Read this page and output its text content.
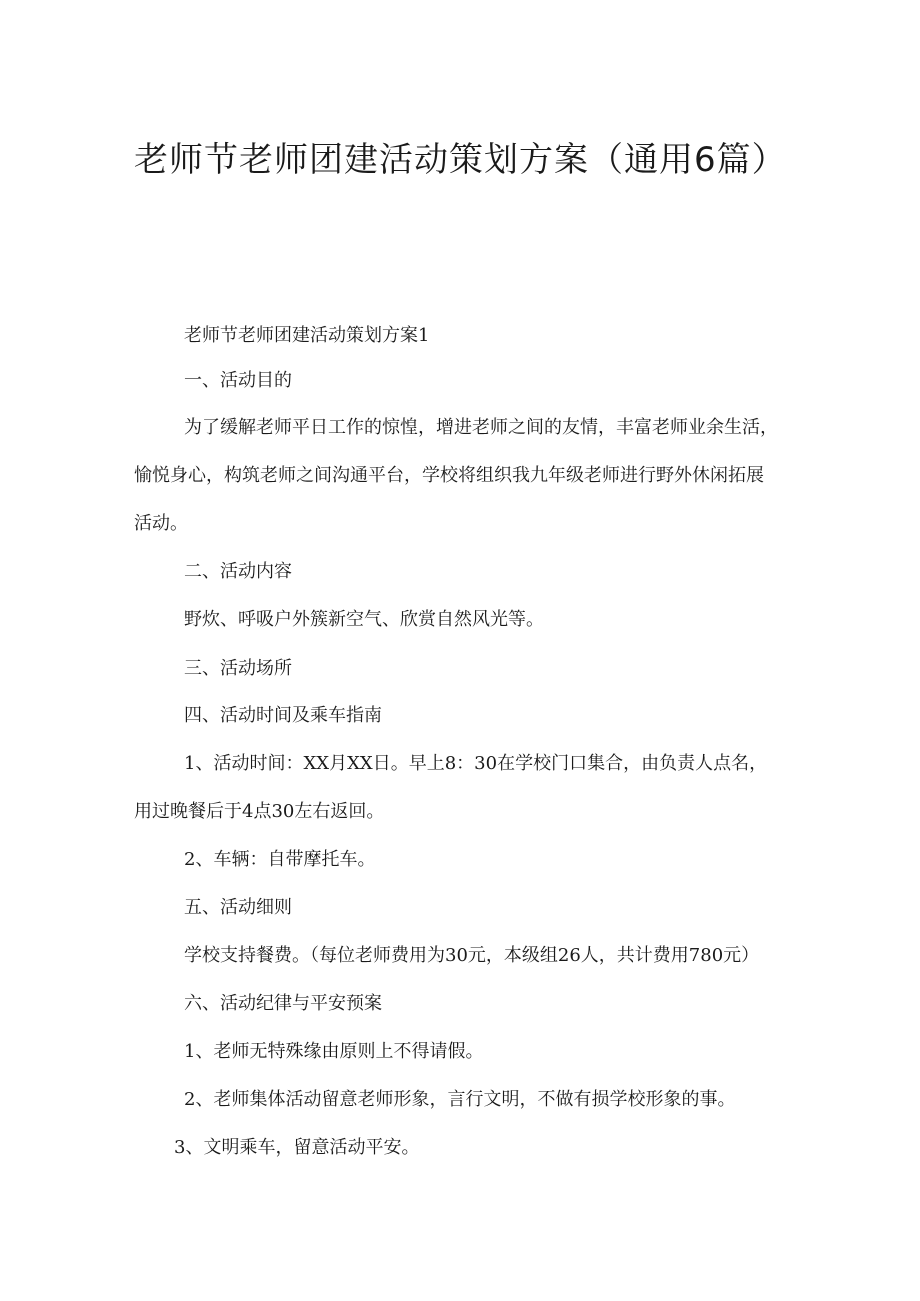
老师节老师团建活动策划方案（通用6篇）

老师节老师团建活动策划方案1

一、活动目的

为了缓解老师平日工作的惊惶，增进老师之间的友情，丰富老师业余生活，

愉悦身心，构筑老师之间沟通平台，学校将组织我九年级老师进行野外休闲拓展

活动。

二、活动内容

野炊、呼吸户外簇新空气、欣赏自然风光等。

三、活动场所

四、活动时间及乘车指南

1、活动时间：XX月XX日。早上8：30在学校门口集合，由负责人点名，

用过晚餐后于4点30左右返回。

2、车辆：自带摩托车。

五、活动细则

学校支持餐费。（每位老师费用为30元，本级组26人，共计费用780元）

六、活动纪律与平安预案

1、老师无特殊缘由原则上不得请假。

2、老师集体活动留意老师形象，言行文明，不做有损学校形象的事。

3、文明乘车，留意活动平安。
